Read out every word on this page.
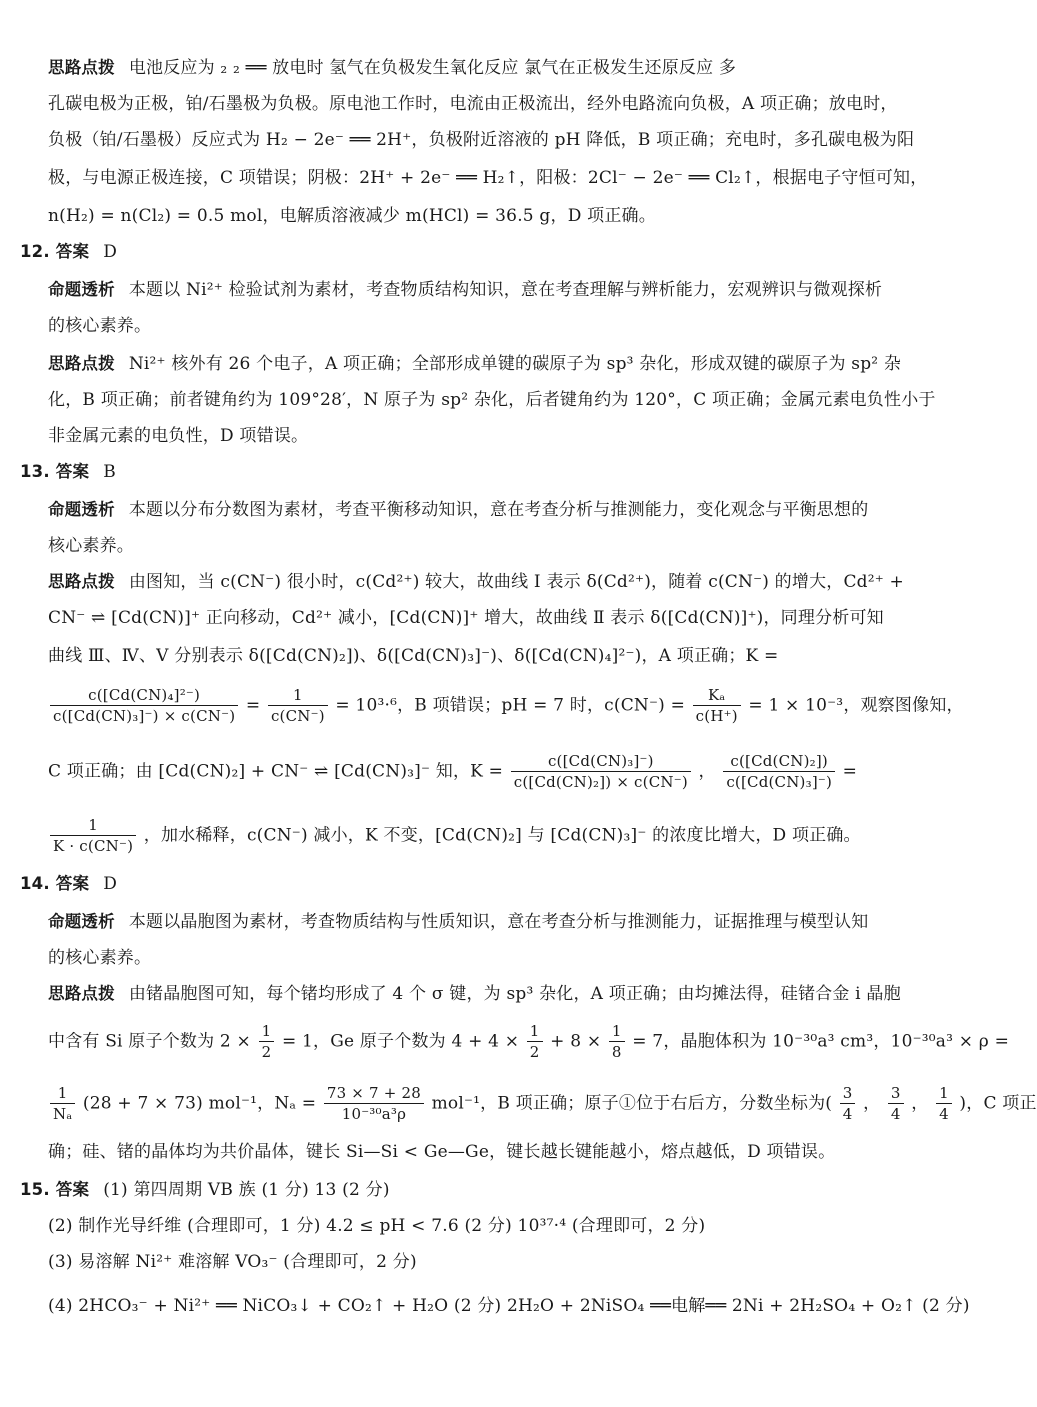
思路点拨 电池反应为 ₂ ₂ ══ 放电时 氢气在负极发生氧化反应 氯气在正极发生还原反应 多
孔碳电极为正极，铂/石墨极为负极。原电池工作时，电流由正极流出，经外电路流向负极，A 项正确；放电时，
负极（铂/石墨极）反应式为 H₂ − 2e⁻ ══ 2H⁺，负极附近溶液的 pH 降低，B 项正确；充电时，多孔碳电极为阳
极，与电源正极连接，C 项错误；阴极：2H⁺ + 2e⁻ ══ H₂↑，阳极：2Cl⁻ − 2e⁻ ══ Cl₂↑，根据电子守恒可知，
n(H₂) = n(Cl₂) = 0.5 mol，电解质溶液减少 m(HCl) = 36.5 g，D 项正确。
12. 答案 D
命题透析 本题以 Ni²⁺ 检验试剂为素材，考查物质结构知识，意在考查理解与辨析能力，宏观辨识与微观探析
的核心素养。
思路点拨 Ni²⁺ 核外有 26 个电子，A 项正确；全部形成单键的碳原子为 sp³ 杂化，形成双键的碳原子为 sp² 杂
化，B 项正确；前者键角约为 109°28′，N 原子为 sp² 杂化，后者键角约为 120°，C 项正确；金属元素电负性小于
非金属元素的电负性，D 项错误。
13. 答案 B
命题透析 本题以分布分数图为素材，考查平衡移动知识，意在考查分析与推测能力，变化观念与平衡思想的
核心素养。
思路点拨 由图知，当 c(CN⁻) 很小时，c(Cd²⁺) 较大，故曲线 Ⅰ 表示 δ(Cd²⁺)，随着 c(CN⁻) 的增大，Cd²⁺ +
CN⁻ ⇌ [Cd(CN)]⁺ 正向移动，Cd²⁺ 减小，[Cd(CN)]⁺ 增大，故曲线 Ⅱ 表示 δ([Cd(CN)]⁺)，同理分析可知
曲线 Ⅲ、Ⅳ、Ⅴ 分别表示 δ([Cd(CN)₂])、δ([Cd(CN)₃]⁻)、δ([Cd(CN)₄]²⁻)，A 项正确；K =
$\frac{\text{c([Cd(CN)₄]²⁻)}}{\text{c([Cd(CN)₃]⁻) × c(CN⁻)}} = \frac{1}{c(CN^-)} = 10^3\cdot^6$，B 项错误；pH = 7 时，$c(CN^-) = \frac{\text{Kₐ}}{c(H^+)} = 1 \times 10^{-3}$，观察图像知，
C 项正确；由 [Cd(CN)₂] + CN⁻ ⇌ [Cd(CN)₃]⁻ 知，$K = \frac{\text{c([Cd(CN)₃]⁻)}}{\text{c([Cd(CN)₂]) × c(CN⁻)}}$ ， $\frac{\text{c([Cd(CN)₂])}}{\text{c([Cd(CN)₃]⁻)}}$ =
$\frac{1}{K \cdot c(CN^-)}$ ，加水稀释，c(CN⁻) 减小，K 不变，[Cd(CN)₂] 与 [Cd(CN)₃]⁻ 的浓度比增大，D 项正确。
14. 答案 D
命题透析 本题以晶胞图为素材，考查物质结构与性质知识，意在考查分析与推测能力，证据推理与模型认知
的核心素养。
思路点拨 由锗晶胞图可知，每个锗均形成了 4 个 σ 键，为 sp³ 杂化，A 项正确；由均摊法得，硅锗合金 ⅰ 晶胞
中含有 Si 原子个数为 $2 \times \frac{1}{2} = 1$，Ge 原子个数为 $4 + 4 \times \frac{1}{2} + 8 \times \frac{1}{8} = 7$，晶胞体积为 10⁻³⁰a³ cm³，10⁻³⁰a³ × ρ =
$\frac{1}{\text{Nₐ}} (28 + 7 \times 73)$ mol⁻¹，$N_a = \frac{73 \times 7 + 28}{\text{10⁻³⁰a³ρ}} mol^{-1}$，B 项正确；原子①位于右后方，分数坐标为( $\frac{3}{4}$ ， $\frac{3}{4}$ ， $\frac{1}{4}$ )，C 项正
确；硅、锗的晶体均为共价晶体，键长 Si—Si < Ge—Ge，键长越长键能越小，熔点越低，D 项错误。
15. 答案 (1) 第四周期 ⅤB 族 (1 分) 13 (2 分)
(2) 制作光导纤维 (合理即可，1 分) 4.2 ≤ pH < 7.6 (2 分) 10³⁷·⁴ (合理即可，2 分)
(3) 易溶解 Ni²⁺ 难溶解 VO₃⁻ (合理即可，2 分)
(4) 2HCO₃⁻ + Ni²⁺ ══ NiCO₃↓ + CO₂↑ + H₂O (2 分) 2H₂O + 2NiSO₄ ══电解══ 2Ni + 2H₂SO₄ + O₂↑ (2 分)
